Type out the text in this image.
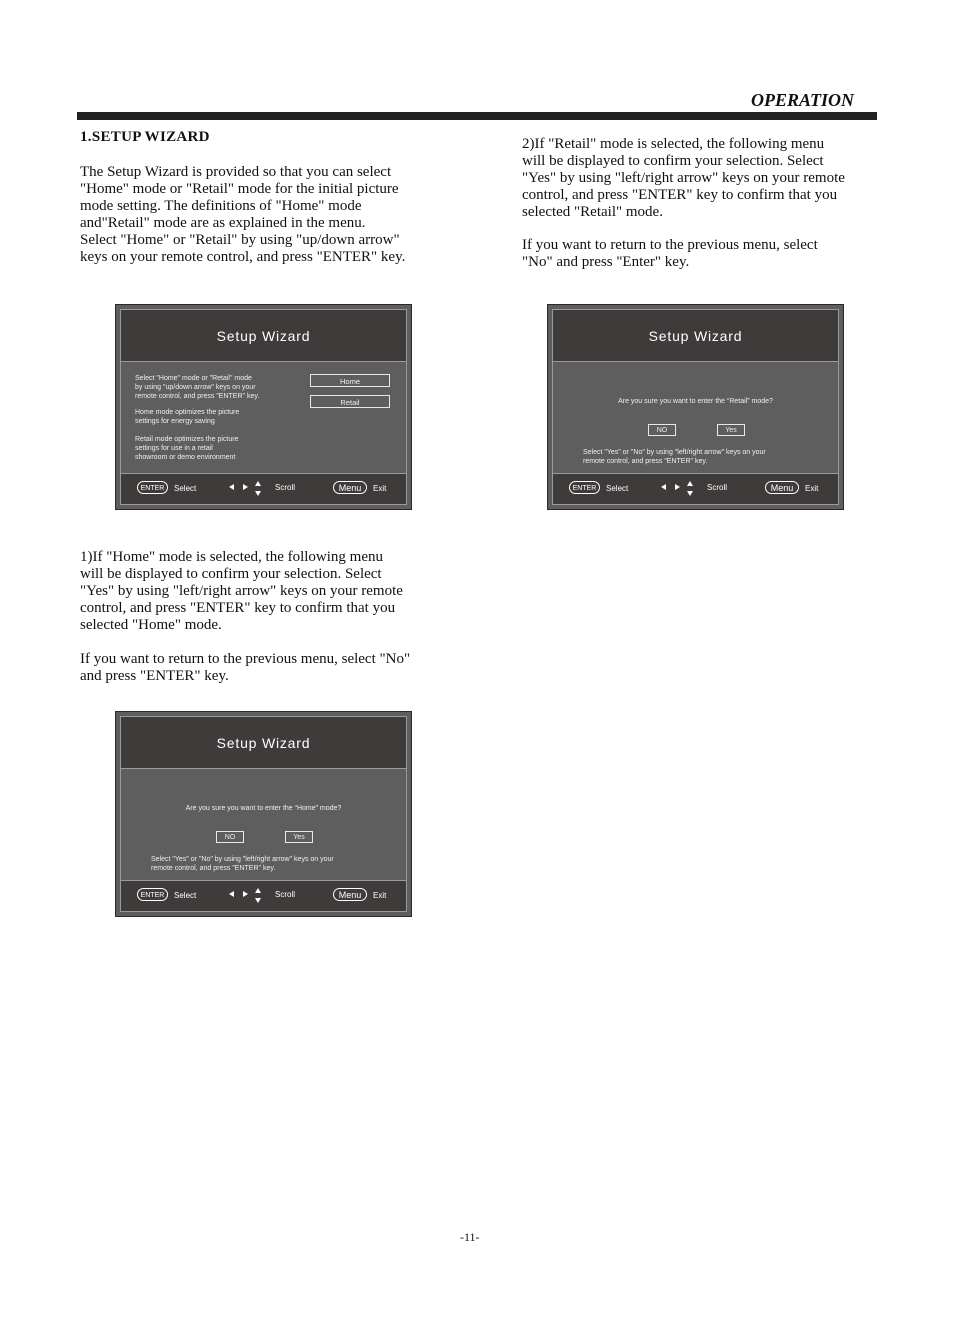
OPERATION
1.SETUP WIZARD

The Setup Wizard is provided so that you can select
"Home" mode or "Retail" mode for the initial picture
mode setting. The definitions of "Home" mode
and"Retail" mode are as explained in the menu.
Select "Home" or "Retail" by using "up/down arrow"
keys on your remote control, and press "ENTER" key.

2)If "Retail" mode is selected, the following menu
will be displayed to confirm your selection. Select
"Yes" by using "left/right arrow" keys on your remote
control, and press "ENTER" key to confirm that you
selected "Retail" mode.

If you want to return to the previous menu, select
"No" and press "Enter" key.

Setup Wizard
Select "Home" mode or "Retail" mode
by using "up/down arrow" keys on your
remote control, and press "ENTER" key.
Home mode optimizes the picture
settings for energy saving
Retail mode optimizes the picture
settings for use in a retail
showroom or demo environment
Home
Retail
ENTER	Select	Scroll	Menu	Exit
Setup Wizard
Are you sure you want to enter the “Retail” mode?
NO	Yes
Select "Yes" or "No" by using "left/right arrow" keys on your
remote control, and press "ENTER" key.
ENTER	Select	Scroll	Menu	Exit

1)If "Home" mode is selected, the following menu
will be displayed to confirm your selection. Select
"Yes" by using "left/right arrow" keys on your remote
control, and press "ENTER" key to confirm that you
selected "Home" mode.

If you want to return to the previous menu, select "No"
and press "ENTER" key.

Setup Wizard
Are you sure you want to enter the “Home” mode?
NO	Yes
Select "Yes" or "No" by using "left/right arrow" keys on your
remote control, and press "ENTER" key.
ENTER	Select	Scroll	Menu	Exit
-11-
